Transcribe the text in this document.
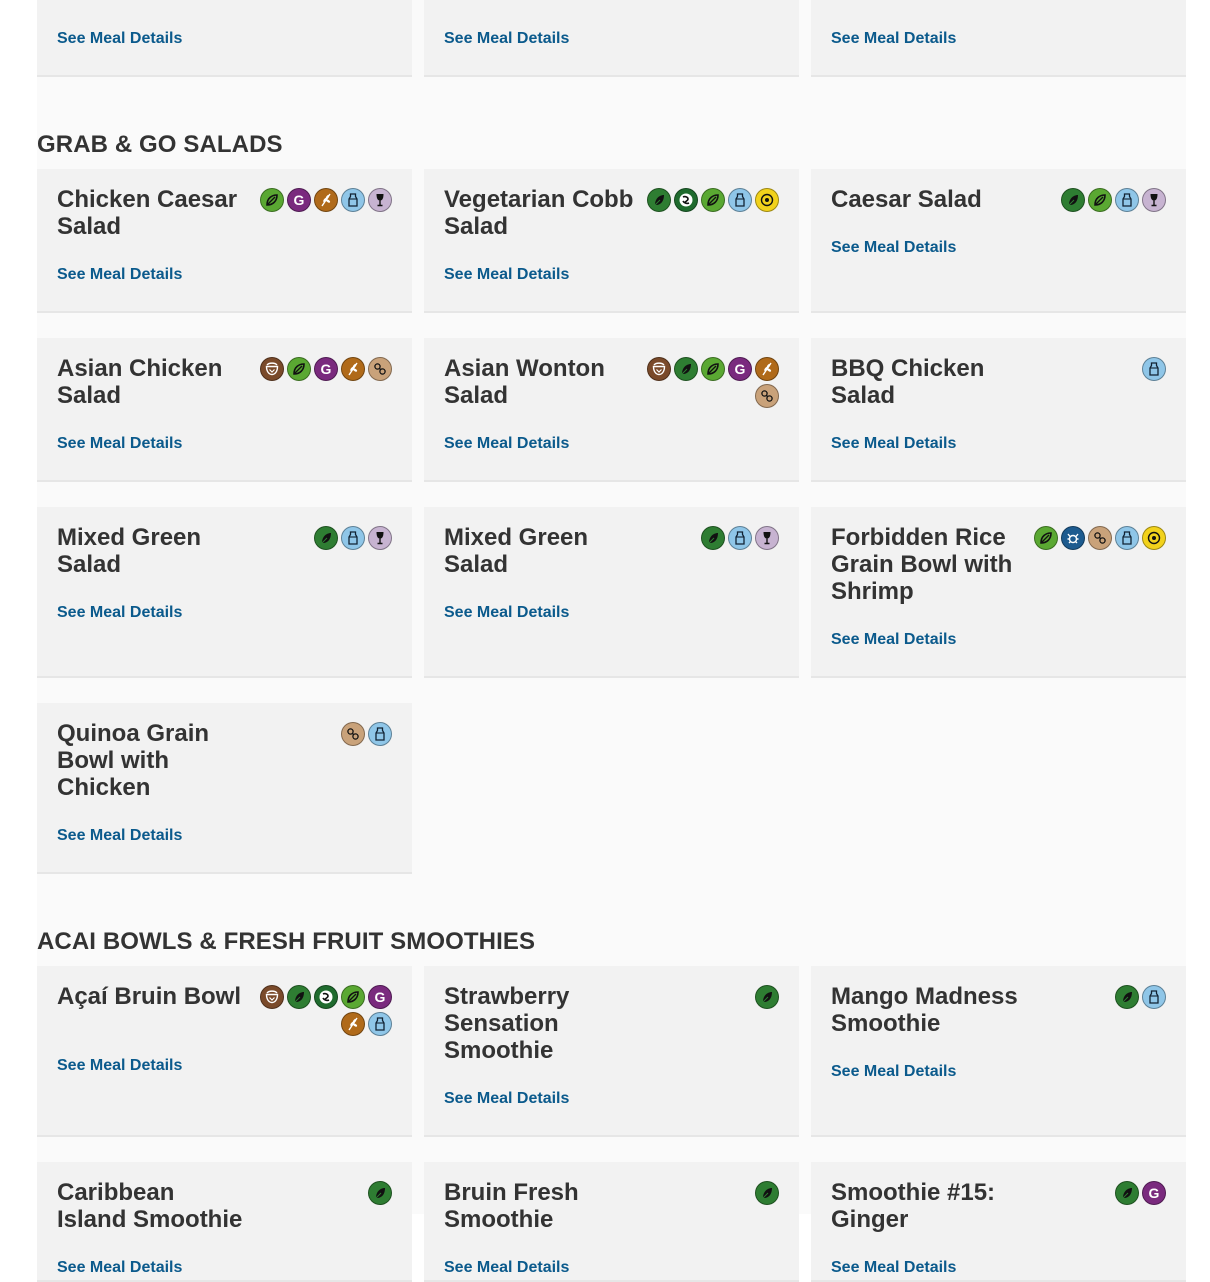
See Meal Details	See Meal Details	See Meal Details
GRAB & GO SALADS
Chicken Caesar Salad
G
See Meal Details
Vegetarian Cobb Salad
See Meal Details
Caesar Salad
See Meal Details
Asian Chicken Salad
G
See Meal Details
Asian Wonton Salad
G
See Meal Details
BBQ Chicken Salad
See Meal Details
Mixed Green Salad
See Meal Details
Mixed Green Salad
See Meal Details
Forbidden Rice Grain Bowl with Shrimp
See Meal Details
Quinoa Grain Bowl with Chicken
See Meal Details
ACAI BOWLS & FRESH FRUIT SMOOTHIES
Açaí Bruin Bowl	G
See Meal Details
Strawberry Sensation Smoothie
See Meal Details
Mango Madness Smoothie
See Meal Details
Caribbean Island Smoothie
See Meal Details
Bruin Fresh Smoothie
See Meal Details
Smoothie #15: Ginger
G
See Meal Details
